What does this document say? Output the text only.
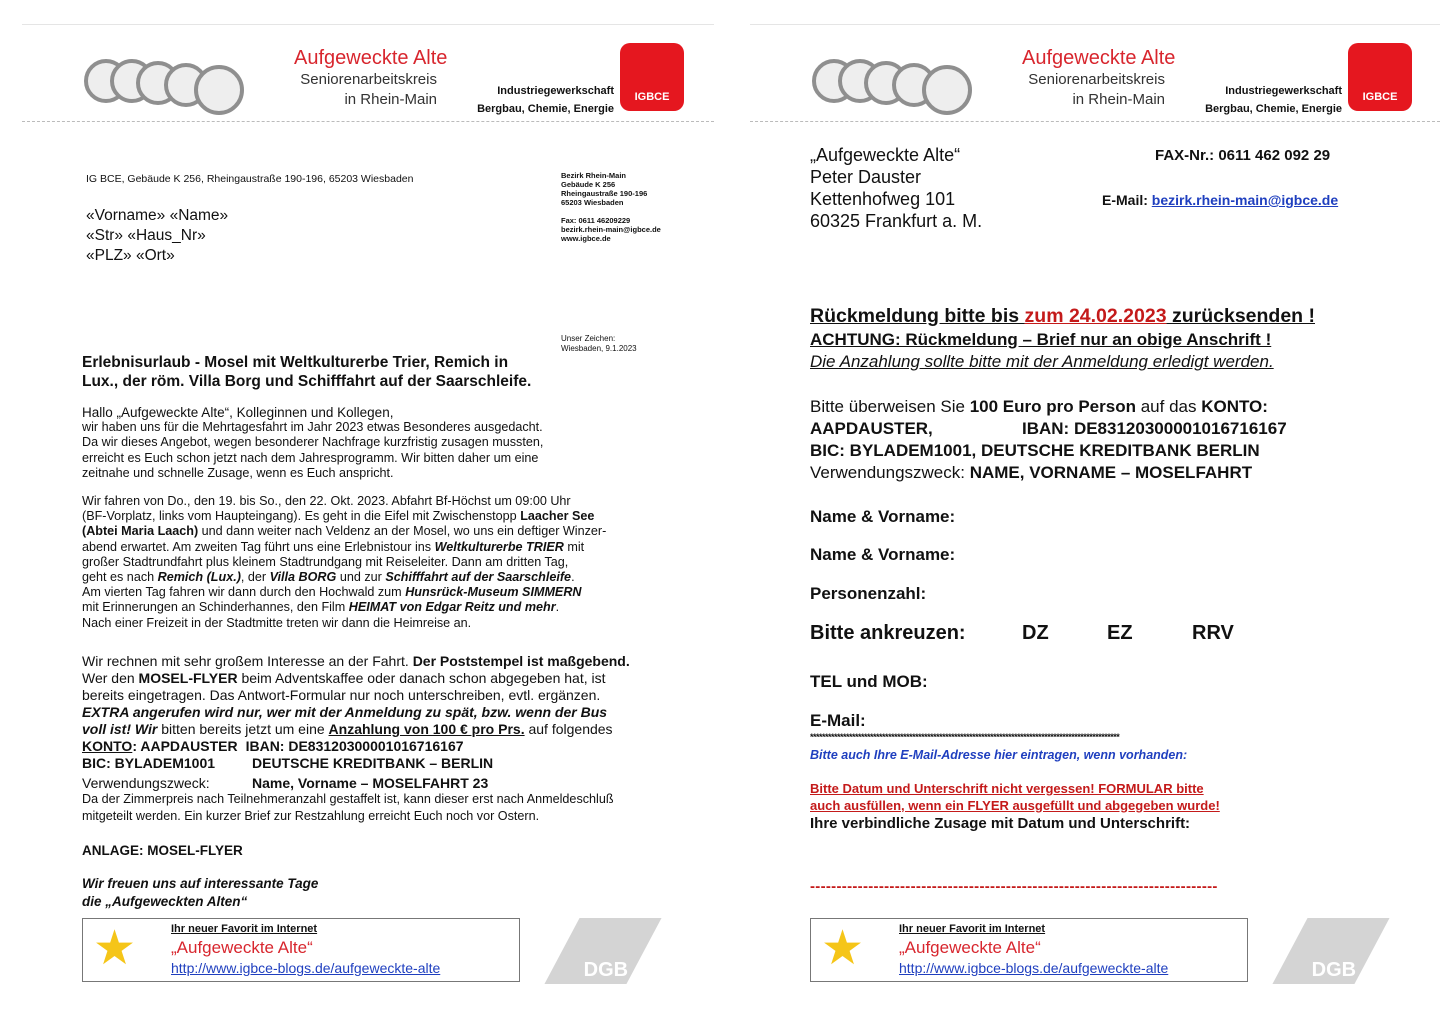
Aufgeweckte Alte
Seniorenarbeitskreis
in Rhein-Main	Industriegewerkschaft
Bergbau, Chemie, Energie
IGBCE
IG BCE, Gebäude K 256, Rheingaustraße 190-196, 65203 Wiesbaden
«Vorname» «Name»
«Str» «Haus_Nr»
«PLZ» «Ort»
Bezirk Rhein-Main
Gebäude K 256
Rheingaustraße 190-196
65203 Wiesbaden
Fax: 0611 46209229
bezirk.rhein-main@igbce.de
www.igbce.de
Unser Zeichen:
Wiesbaden, 9.1.2023
Erlebnisurlaub - Mosel mit Weltkulturerbe Trier, Remich in
Lux., der röm. Villa Borg und Schifffahrt auf der Saarschleife.
Hallo „Aufgeweckte Alte“, Kolleginnen und Kollegen,
wir haben uns für die Mehrtagesfahrt im Jahr 2023 etwas Besonderes ausgedacht.
Da wir dieses Angebot, wegen besonderer Nachfrage kurzfristig zusagen mussten,
erreicht es Euch schon jetzt nach dem Jahresprogramm. Wir bitten daher um eine
zeitnahe und schnelle Zusage, wenn es Euch anspricht.
Wir fahren von Do., den 19. bis So., den 22. Okt. 2023. Abfahrt Bf-Höchst um 09:00 Uhr
(BF-Vorplatz, links vom Haupteingang). Es geht in die Eifel mit Zwischenstopp Laacher See
(Abtei Maria Laach) und dann weiter nach Veldenz an der Mosel, wo uns ein deftiger Winzer-
abend erwartet. Am zweiten Tag führt uns eine Erlebnistour ins Weltkulturerbe TRIER mit
großer Stadtrundfahrt plus kleinem Stadtrundgang mit Reiseleiter. Dann am dritten Tag,
geht es nach Remich (Lux.), der Villa BORG und zur Schifffahrt auf der Saarschleife.
Am vierten Tag fahren wir dann durch den Hochwald zum Hunsrück-Museum SIMMERN
mit Erinnerungen an Schinderhannes, den Film HEIMAT von Edgar Reitz und mehr.
Nach einer Freizeit in der Stadtmitte treten wir dann die Heimreise an.
Wir rechnen mit sehr großem Interesse an der Fahrt. Der Poststempel ist maßgebend.
Wer den MOSEL-FLYER beim Adventskaffee oder danach schon abgegeben hat, ist
bereits eingetragen. Das Antwort-Formular nur noch unterschreiben, evtl. ergänzen.
EXTRA angerufen wird nur, wer mit der Anmeldung zu spät, bzw. wenn der Bus
voll ist! Wir bitten bereits jetzt um eine Anzahlung von 100 € pro Prs. auf folgendes
KONTO: AAPDAUSTER IBAN: DE83120300001016716167
BIC: BYLADEM1001	DEUTSCHE KREDITBANK – BERLIN
Verwendungszweck:	Name, Vorname – MOSELFAHRT 23
Da der Zimmerpreis nach Teilnehmeranzahl gestaffelt ist, kann dieser erst nach Anmeldeschluß
mitgeteilt werden. Ein kurzer Brief zur Restzahlung erreicht Euch noch vor Ostern.
ANLAGE: MOSEL-FLYER
Wir freuen uns auf interessante Tage
die „Aufgeweckten Alten“
★	Ihr neuer Favorit im Internet
„Aufgeweckte Alte“
http://www.igbce-blogs.de/aufgeweckte-alte	DGB
Aufgeweckte Alte
Seniorenarbeitskreis
in Rhein-Main	Industriegewerkschaft
Bergbau, Chemie, Energie
IGBCE
„Aufgeweckte Alte“
Peter Dauster
Kettenhofweg 101
60325 Frankfurt a. M.
FAX-Nr.: 0611 462 092 29
E-Mail: bezirk.rhein-main@igbce.de
Rückmeldung bitte bis zum 24.02.2023 zurücksenden !
ACHTUNG: Rückmeldung – Brief nur an obige Anschrift !
Die Anzahlung sollte bitte mit der Anmeldung erledigt werden.
Bitte überweisen Sie 100 Euro pro Person auf das KONTO:
AAPDAUSTER,	IBAN: DE83120300001016716167
BIC: BYLADEM1001, DEUTSCHE KREDITBANK BERLIN
Verwendungszweck: NAME, VORNAME – MOSELFAHRT
Name & Vorname:
Name & Vorname:
Personenzahl:
Bitte ankreuzen:	DZ	EZ	RRV
TEL und MOB:
E-Mail:
*******************************************************************************************************
Bitte auch Ihre E-Mail-Adresse hier eintragen, wenn vorhanden:
Bitte Datum und Unterschrift nicht vergessen! FORMULAR bitte
auch ausfüllen, wenn ein FLYER ausgefüllt und abgegeben wurde!
Ihre verbindliche Zusage mit Datum und Unterschrift:
-----------------------------------------------------------------------------
★	Ihr neuer Favorit im Internet
„Aufgeweckte Alte“
http://www.igbce-blogs.de/aufgeweckte-alte	DGB
